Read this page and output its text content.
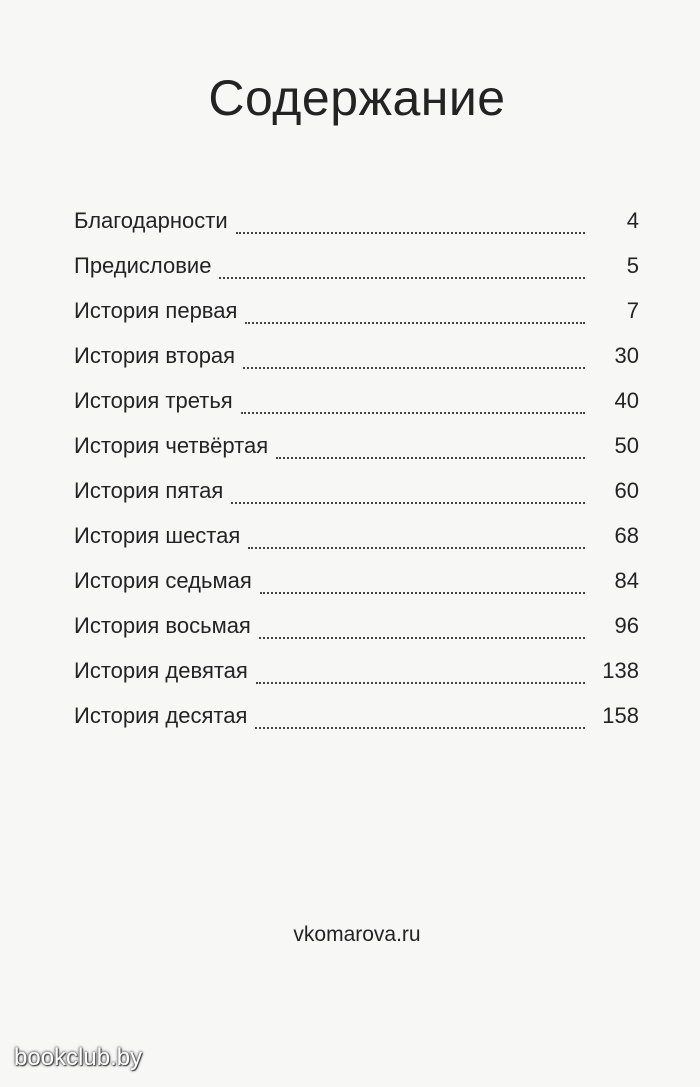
Содержание
Благодарности	4
Предисловие	5
История первая	7
История вторая	30
История третья	40
История четвёртая	50
История пятая	60
История шестая	68
История седьмая	84
История восьмая	96
История девятая	138
История десятая	158
vkomarova.ru
bookclub.by
